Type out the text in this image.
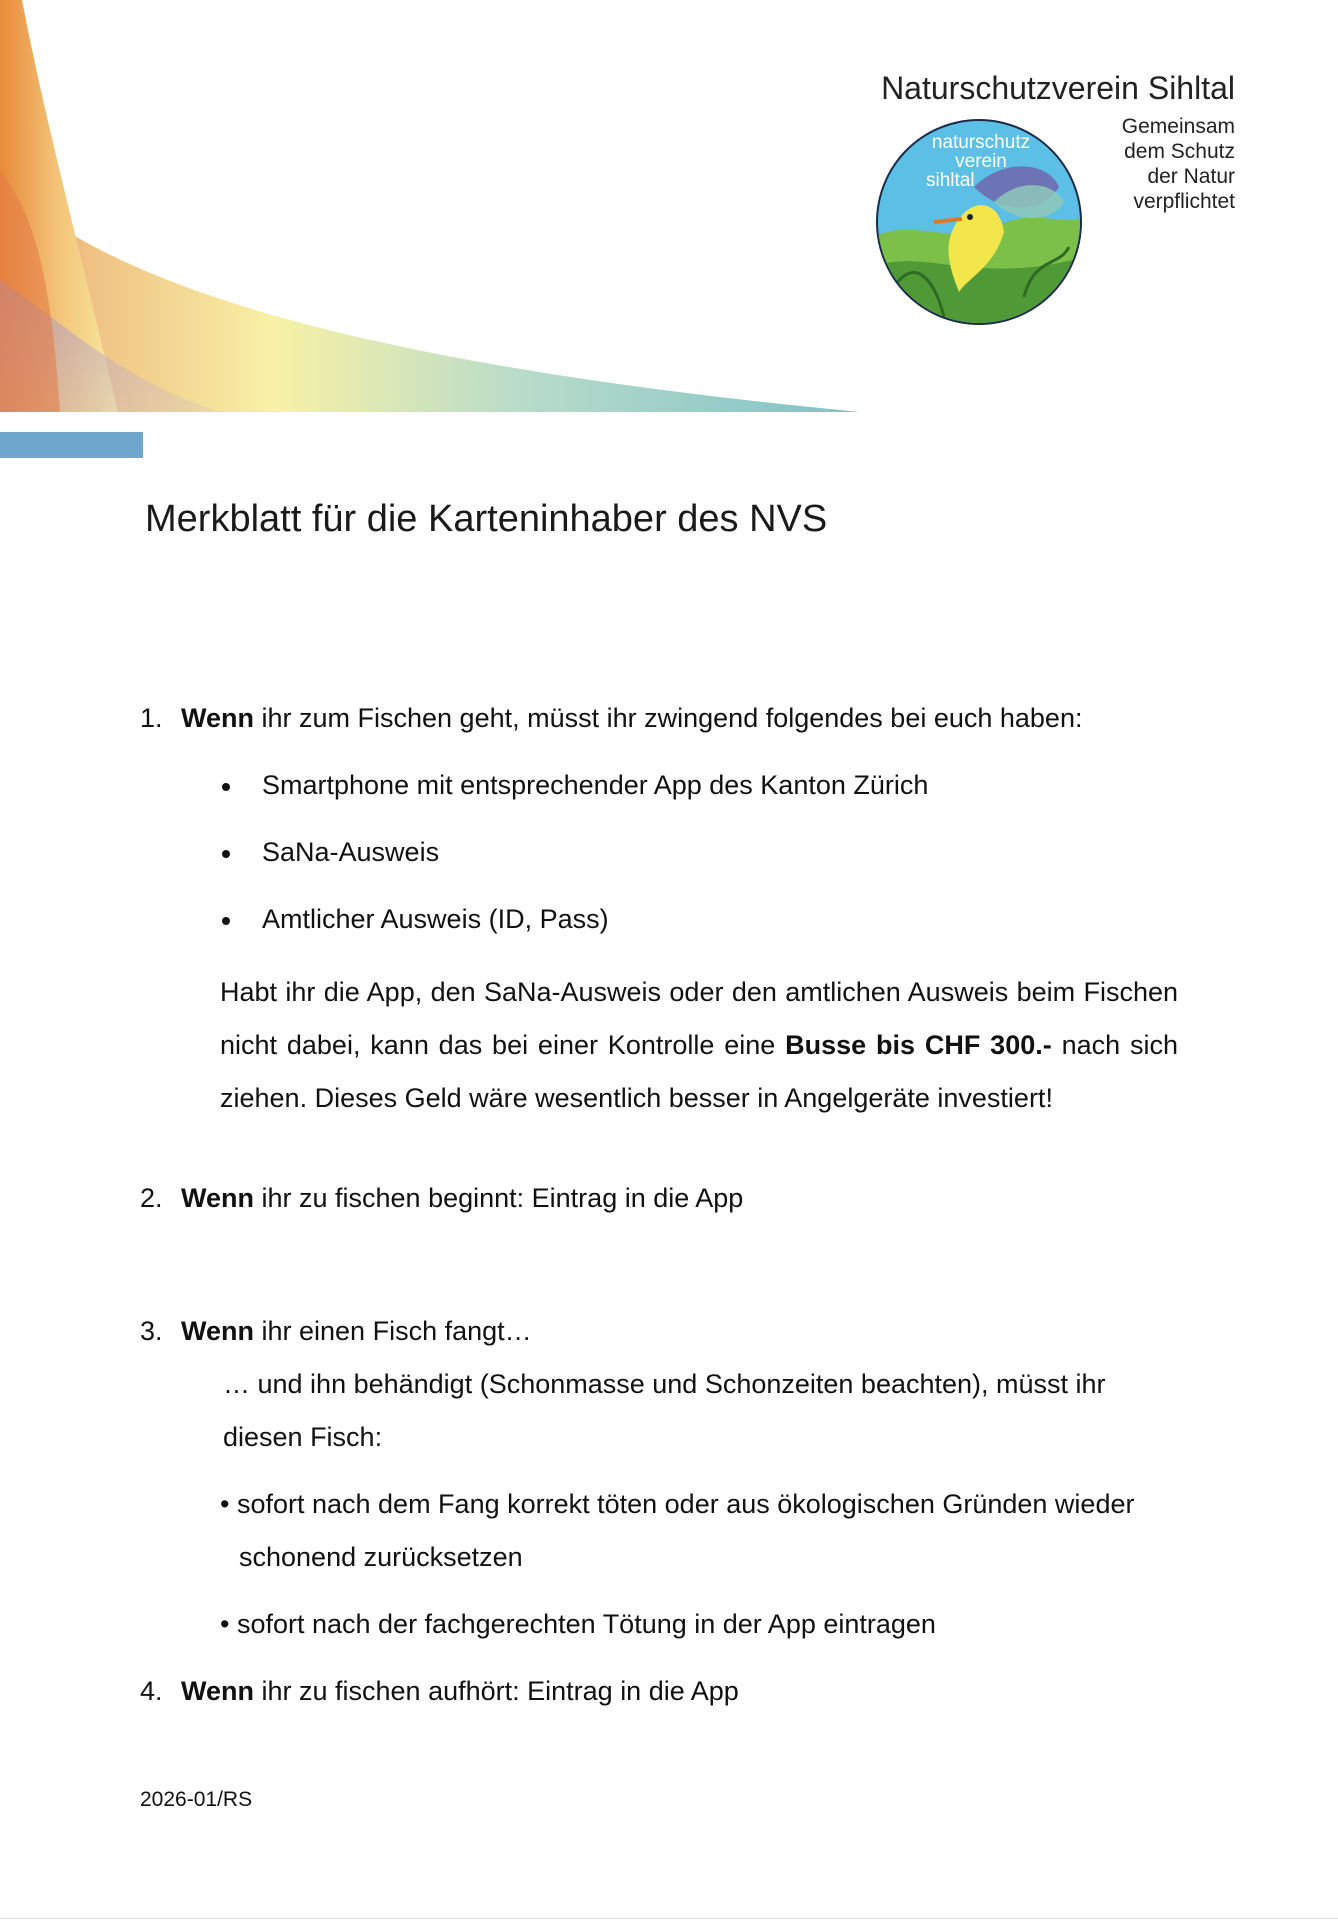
Naturschutzverein Sihltal
naturschutz
verein
sihltal
Gemeinsam
dem Schutz
der Natur
verpflichtet
Merkblatt für die Karteninhaber des NVS
1. Wenn ihr zum Fischen geht, müsst ihr zwingend folgendes bei euch haben:
Smartphone mit entsprechender App des Kanton Zürich
SaNa-Ausweis
Amtlicher Ausweis (ID, Pass)
Habt ihr die App, den SaNa-Ausweis oder den amtlichen Ausweis beim Fischen nicht dabei, kann das bei einer Kontrolle eine Busse bis CHF 300.- nach sich ziehen. Dieses Geld wäre wesentlich besser in Angelgeräte investiert!
2. Wenn ihr zu fischen beginnt: Eintrag in die App
3. Wenn ihr einen Fisch fangt…
… und ihn behändigt (Schonmasse und Schonzeiten beachten), müsst ihr
diesen Fisch:
• sofort nach dem Fang korrekt töten oder aus ökologischen Gründen wieder
schonend zurücksetzen
• sofort nach der fachgerechten Tötung in der App eintragen
4. Wenn ihr zu fischen aufhört: Eintrag in die App
2026-01/RS
